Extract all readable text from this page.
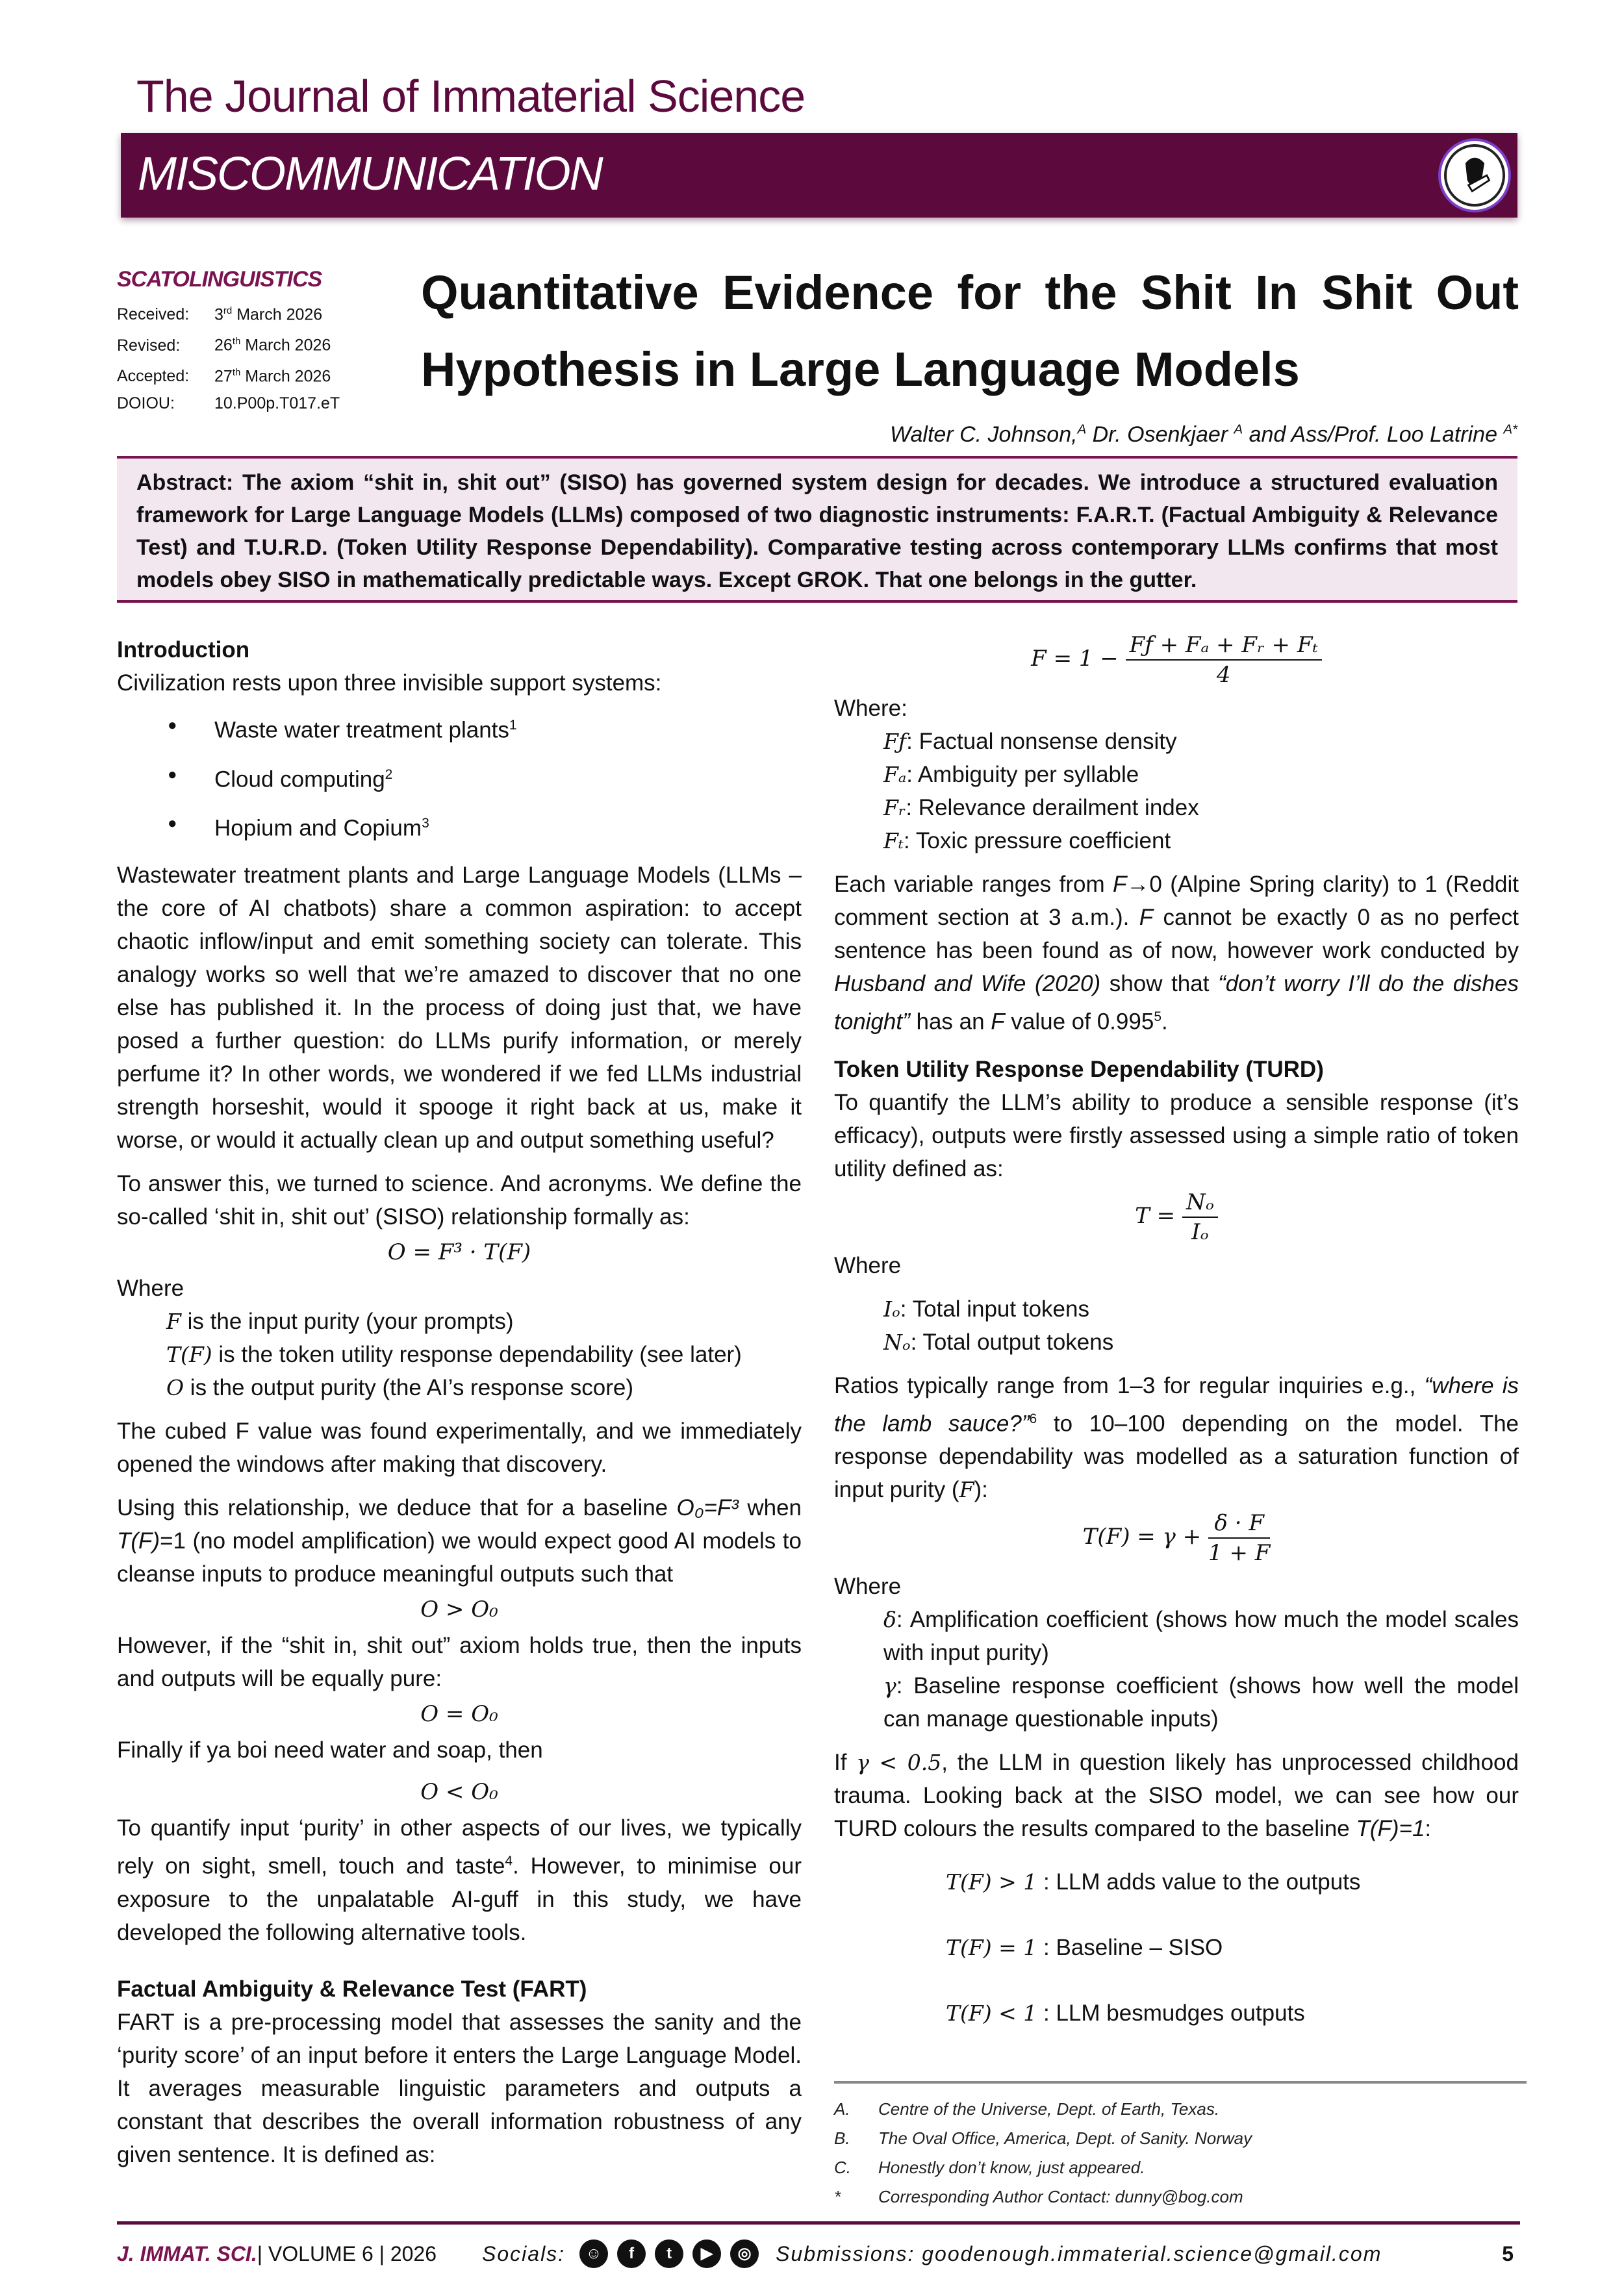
The Journal of Immaterial Science
MISCOMMUNICATION
SCATOLINGUISTICS
Received: 3rd March 2026
Revised: 26th March 2026
Accepted: 27th March 2026
DOIOU: 10.P00p.T017.eT
Quantitative Evidence for the Shit In Shit Out Hypothesis in Large Language Models
Walter C. Johnson,$^A$ Dr. Osenkjaer $^A$ and Ass/Prof. Loo Latrine $^{A*}$
Abstract: The axiom “shit in, shit out” (SISO) has governed system design for decades. We introduce a structured evaluation framework for Large Language Models (LLMs) composed of two diagnostic instruments: F.A.R.T. (Factual Ambiguity & Relevance Test) and T.U.R.D. (Token Utility Response Dependability). Comparative testing across contemporary LLMs confirms that most models obey SISO in mathematically predictable ways. Except GROK. That one belongs in the gutter.
Introduction
Civilization rests upon three invisible support systems:
● Waste water treatment plants$^1$
● Cloud computing$^2$
● Hopium and Copium$^3$

Wastewater treatment plants and Large Language Models (LLMs – the core of AI chatbots) share a common aspiration: to accept chaotic inflow/input and emit something society can tolerate. This analogy works so well that we’re amazed to discover that no one else has published it. In the process of doing just that, we have posed a further question: do LLMs purify information, or merely perfume it? In other words, we wondered if we fed LLMs industrial strength horseshit, would it spooge it right back at us, make it worse, or would it actually clean up and output something useful?

To answer this, we turned to science. And acronyms. We define the so-called ‘shit in, shit out’ (SISO) relationship formally as:

O = F³ · T(F)
Where
F is the input purity (your prompts)
T(F) is the token utility response dependability (see later)
O is the output purity (the AI’s response score)

The cubed F value was found experimentally, and we immediately opened the windows after making that discovery.

Using this relationship, we deduce that for a baseline O₀=F³ when T(F)=1 (no model amplification) we would expect good AI models to cleanse inputs to produce meaningful outputs such that

O > O₀

However, if the “shit in, shit out” axiom holds true, then the inputs and outputs will be equally pure:

O = O₀

Finally if ya boi need water and soap, then

O < O₀

To quantify input ‘purity’ in other aspects of our lives, we typically rely on sight, smell, touch and taste$^4$. However, to minimise our exposure to the unpalatable AI-guff in this study, we have developed the following alternative tools.

Factual Ambiguity & Relevance Test (FART)

FART is a pre-processing model that assesses the sanity and the ‘purity score’ of an input before it enters the Large Language Model. It averages measurable linguistic parameters and outputs a constant that describes the overall information robustness of any given sentence. It is defined as:

$F = 1 - \frac{\text{Fƒ + Fₐ + Fᵣ + Fₜ}}{4}$
Where:
Fƒ: Factual nonsense density
Fₐ: Ambiguity per syllable
Fᵣ: Relevance derailment index
Fₜ: Toxic pressure coefficient

Each variable ranges from F→0 (Alpine Spring clarity) to 1 (Reddit comment section at 3 a.m.). F cannot be exactly 0 as no perfect sentence has been found as of now, however work conducted by Husband and Wife (2020) show that “don’t worry I’ll do the dishes tonight” has an F value of 0.995$^5$.

Token Utility Response Dependability (TURD)

To quantify the LLM’s ability to produce a sensible response (it’s efficacy), outputs were firstly assessed using a simple ratio of token utility defined as:

$T = \frac{\text{Nₒ}}{\text{Iₒ}}$
Where
Iₒ: Total input tokens
Nₒ: Total output tokens

Ratios typically range from 1–3 for regular inquiries e.g., “where is the lamb sauce?”$^6$ to 10–100 depending on the model. The response dependability was modelled as a saturation function of input purity (F):

$T(F) = \gamma + \frac{\delta \cdot F}{1 + F}$
Where
δ: Amplification coefficient (shows how much the model scales with input purity)
γ: Baseline response coefficient (shows how well the model can manage questionable inputs)

If γ < 0.5, the LLM in question likely has unprocessed childhood trauma. Looking back at the SISO model, we can see how our TURD colours the results compared to the baseline T(F)=1:

T(F) > 1 : LLM adds value to the outputs
T(F) = 1 : Baseline – SISO
T(F) < 1 : LLM besmudges outputs
A. Centre of the Universe, Dept. of Earth, Texas.
B. The Oval Office, America, Dept. of Sanity. Norway
C. Honestly don’t know, just appeared.
* Corresponding Author Contact: dunny@bog.com
J. IMMAT. SCI. | VOLUME 6 | 2026 Socials:	☺	f	t	▶	◎	Submissions: goodenough.immaterial.science@gmail.com	5
